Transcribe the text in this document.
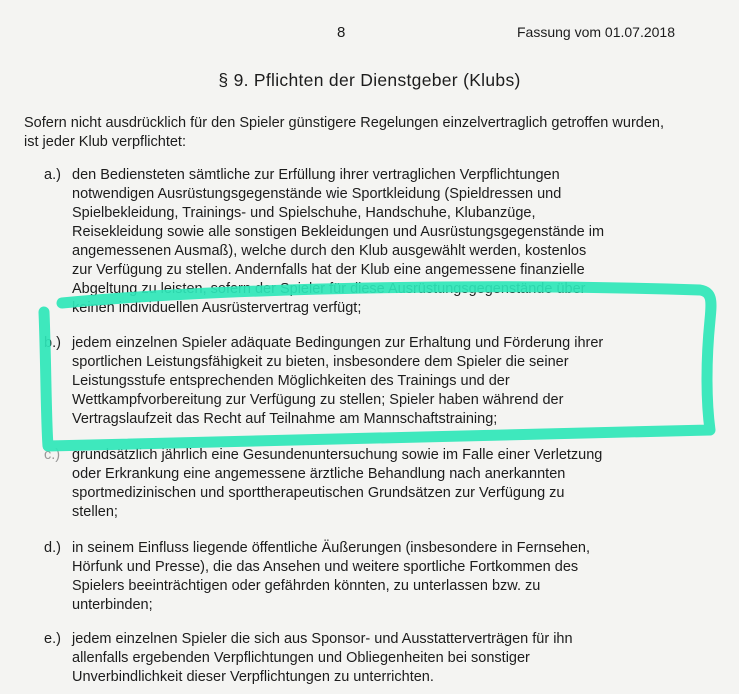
8	Fassung vom 01.07.2018
§ 9. Pflichten der Dienstgeber (Klubs)
Sofern nicht ausdrücklich für den Spieler günstigere Regelungen einzelvertraglich getroffen wurden, ist jeder Klub verpflichtet:
a.) den Bediensteten sämtliche zur Erfüllung ihrer vertraglichen Verpflichtungen

notwendigen Ausrüstungsgegenstände wie Sportkleidung (Spieldressen und

Spielbekleidung, Trainings- und Spielschuhe, Handschuhe, Klubanzüge,

Reisekleidung sowie alle sonstigen Bekleidungen und Ausrüstungsgegenstände im

angemessenen Ausmaß), welche durch den Klub ausgewählt werden, kostenlos

zur Verfügung zu stellen. Andernfalls hat der Klub eine angemessene finanzielle

Abgeltung zu leisten, sofern der Spieler für diese Ausrüstungsgegenstände über

keinen individuellen Ausrüstervertrag verfügt;

b.) jedem einzelnen Spieler adäquate Bedingungen zur Erhaltung und Förderung ihrer

sportlichen Leistungsfähigkeit zu bieten, insbesondere dem Spieler die seiner

Leistungsstufe entsprechenden Möglichkeiten des Trainings und der

Wettkampfvorbereitung zur Verfügung zu stellen; Spieler haben während der

Vertragslaufzeit das Recht auf Teilnahme am Mannschaftstraining;

c.) grundsätzlich jährlich eine Gesundenuntersuchung sowie im Falle einer Verletzung

oder Erkrankung eine angemessene ärztliche Behandlung nach anerkannten

sportmedizinischen und sporttherapeutischen Grundsätzen zur Verfügung zu

stellen;

d.) in seinem Einfluss liegende öffentliche Äußerungen (insbesondere in Fernsehen,

Hörfunk und Presse), die das Ansehen und weitere sportliche Fortkommen des

Spielers beeinträchtigen oder gefährden könnten, zu unterlassen bzw. zu

unterbinden;

e.) jedem einzelnen Spieler die sich aus Sponsor- und Ausstatterverträgen für ihn

allenfalls ergebenden Verpflichtungen und Obliegenheiten bei sonstiger

Unverbindlichkeit dieser Verpflichtungen zu unterrichten.
